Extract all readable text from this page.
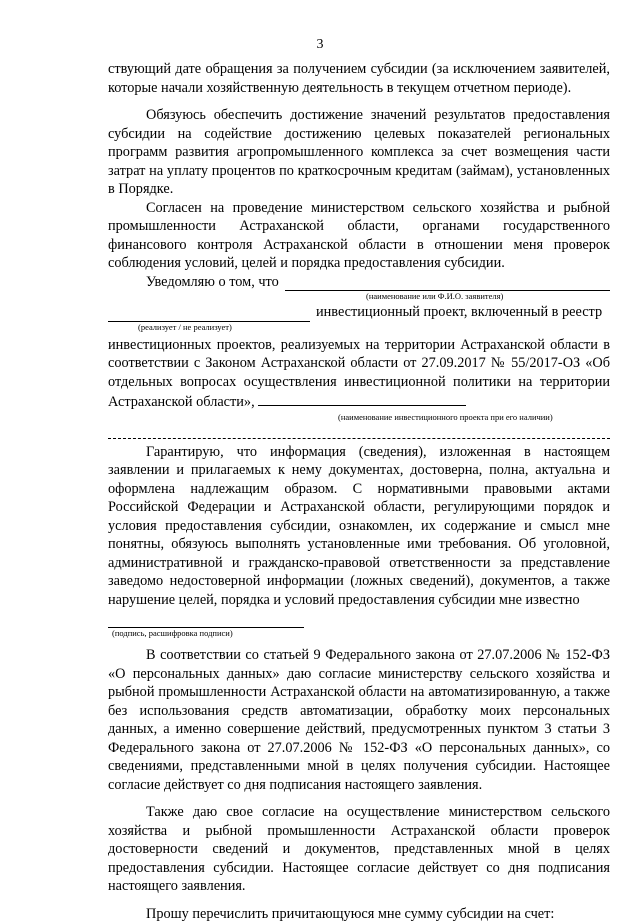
3

ствующий дате обращения за получением субсидии (за исключением заявителей, которые начали хозяйственную деятельность в текущем отчетном периоде).

Обязуюсь обеспечить достижение значений результатов предоставления субсидии на содействие достижению целевых показателей региональных программ развития агропромышленного комплекса за счет возмещения части затрат на уплату процентов по краткосрочным кредитам (займам), установленных в Порядке.

Согласен на проведение министерством сельского хозяйства и рыбной промышленности Астраханской области, органами государственного финансового контроля Астраханской области в отношении меня проверок соблюдения условий, целей и порядка предоставления субсидии.

Уведомляю о том, что

(наименование или Ф.И.О. заявителя)

инвестиционный проект, включенный в реестр

(реализует / не реализует)

инвестиционных проектов, реализуемых на территории Астраханской области в соответствии с Законом Астраханской области от 27.09.2017 № 55/2017-ОЗ «Об отдельных вопросах осуществления инвестиционной политики на территории Астраханской области»,

(наименование инвестиционного проекта при его наличии)

Гарантирую, что информация (сведения), изложенная в настоящем заявлении и прилагаемых к нему документах, достоверна, полна, актуальна и оформлена надлежащим образом. С нормативными правовыми актами Российской Федерации и Астраханской области, регулирующими порядок и условия предоставления субсидии, ознакомлен, их содержание и смысл мне понятны, обязуюсь выполнять установленные ими требования. Об уголовной, административной и гражданско-правовой ответственности за представление заведомо недостоверной информации (ложных сведений), документов, а также нарушение целей, порядка и условий предоставления субсидии мне известно

(подпись, расшифровка подписи)

В соответствии со статьей 9 Федерального закона от 27.07.2006 № 152-ФЗ «О персональных данных» даю согласие министерству сельского хозяйства и рыбной промышленности Астраханской области на автоматизированную, а также без использования средств автоматизации, обработку моих персональных данных, а именно совершение действий, предусмотренных пунктом 3 статьи 3 Федерального закона от 27.07.2006 № 152-ФЗ «О персональных данных», со сведениями, представленными мной в целях получения субсидии. Настоящее согласие действует со дня подписания настоящего заявления.

Также даю свое согласие на осуществление министерством сельского хозяйства и рыбной промышленности Астраханской области проверок достоверности сведений и документов, представленных мной в целях предоставления субсидии. Настоящее согласие действует со дня подписания настоящего заявления.

Прошу перечислить причитающуюся мне сумму субсидии на счет:
